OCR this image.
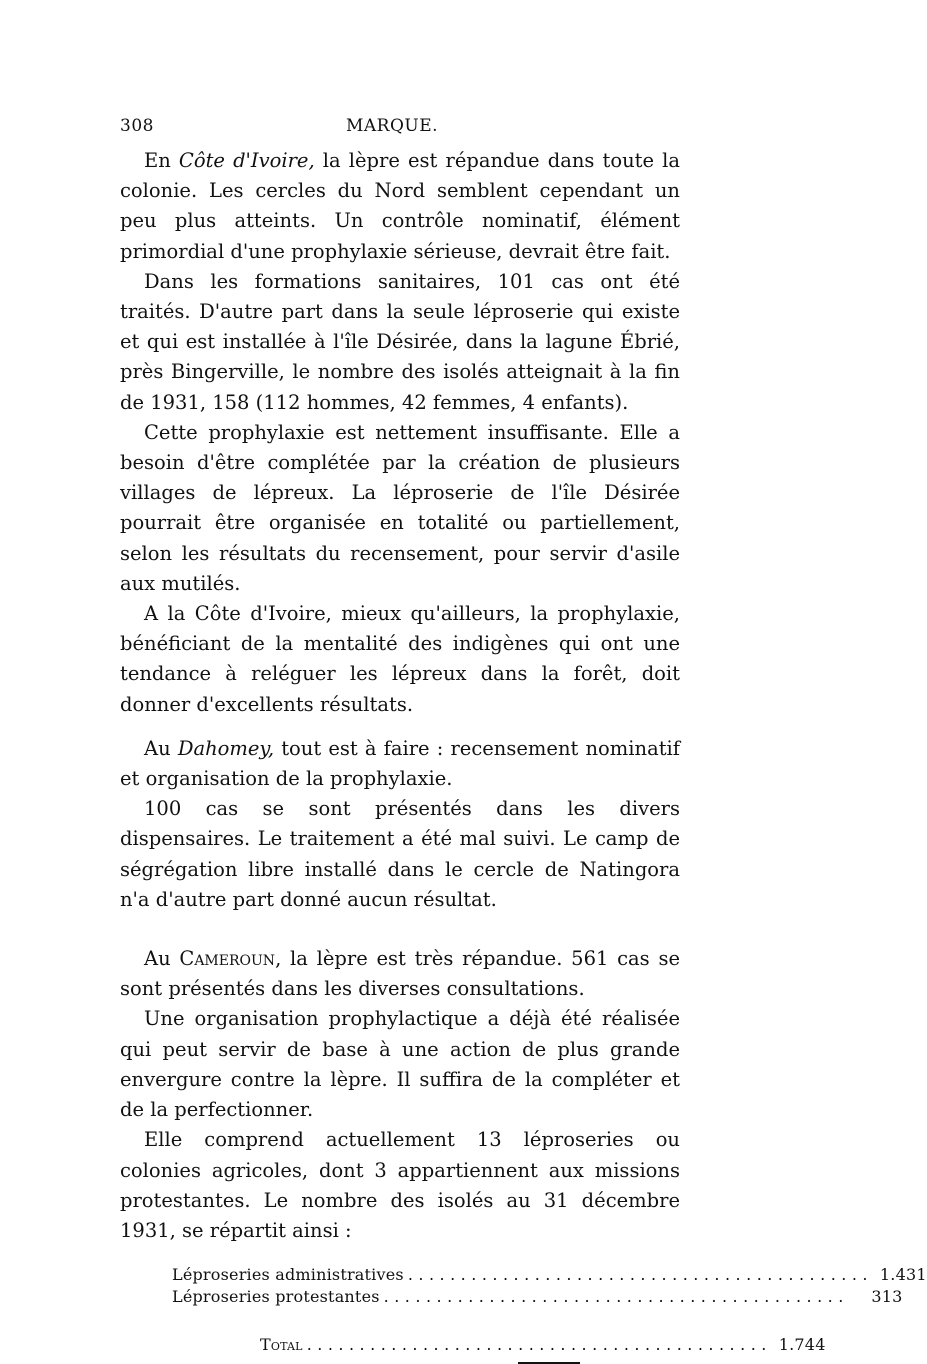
308	MARQUE.

En Côte d'Ivoire, la lèpre est répandue dans toute la colonie. Les cercles du Nord semblent cependant un peu plus atteints. Un contrôle nominatif, élément primordial d'une prophylaxie sérieuse, devrait être fait.

Dans les formations sanitaires, 101 cas ont été traités. D'autre part dans la seule léproserie qui existe et qui est installée à l'île Désirée, dans la lagune Ébrié, près Bingerville, le nombre des isolés atteignait à la fin de 1931, 158 (112 hommes, 42 femmes, 4 enfants).

Cette prophylaxie est nettement insuffisante. Elle a besoin d'être complétée par la création de plusieurs villages de lépreux. La léproserie de l'île Désirée pourrait être organisée en totalité ou partiellement, selon les résultats du recensement, pour servir d'asile aux mutilés.

A la Côte d'Ivoire, mieux qu'ailleurs, la prophylaxie, bénéficiant de la mentalité des indigènes qui ont une tendance à reléguer les lépreux dans la forêt, doit donner d'excellents résultats.

Au Dahomey, tout est à faire : recensement nominatif et organisation de la prophylaxie.

100 cas se sont présentés dans les divers dispensaires. Le traitement a été mal suivi. Le camp de ségrégation libre installé dans le cercle de Natingora n'a d'autre part donné aucun résultat.

Au Cameroun, la lèpre est très répandue. 561 cas se sont présentés dans les diverses consultations.

Une organisation prophylactique a déjà été réalisée qui peut servir de base à une action de plus grande envergure contre la lèpre. Il suffira de la compléter et de la perfectionner.

Elle comprend actuellement 13 léproseries ou colonies agricoles, dont 3 appartiennent aux missions protestantes. Le nombre des isolés au 31 décembre 1931, se répartit ainsi :

Léproseries administratives . . . . . . . . . . . . . . . . . . . . . . . . . . . . . . . . . . . . . . . . . . . . 1.431
Léproseries protestantes . . . . . . . . . . . . . . . . . . . . . . . . . . . . . . . . . . . . . . . . . . . .	313
Total . . . . . . . . . . . . . . . . . . . . . . . . . . . . . . . . . . . . . . . . . . . . 1.744
